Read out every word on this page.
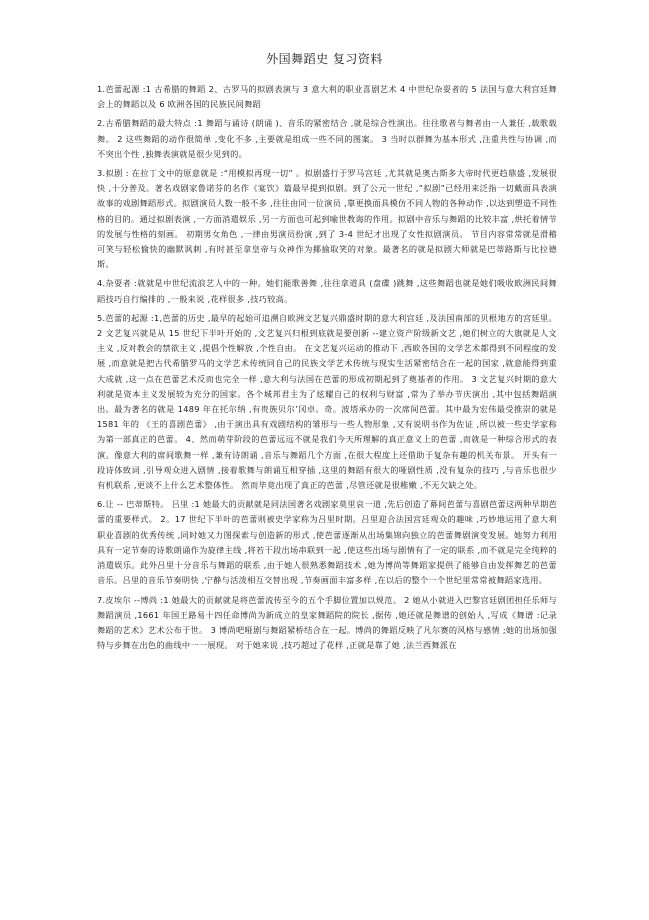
外国舞蹈史 复习资料

1.芭蕾起源 :1 古希腊的舞蹈 2、古罗马的拟剧表演与 3 意大利的职业喜剧艺术 4 中世纪杂耍者的 5 法国与意大利宫廷舞会上的舞蹈以及 6 欧洲各国的民族民间舞蹈

2.古希腊舞蹈的最大特点 :1 舞蹈与诵诗 (朗诵 )、音乐的紧密结合 ,就是综合性演出。往往歌者与舞者由一人兼任 ,载歌载舞。 2 这些舞蹈的动作很简单 ,变化不多 ,主要就是组成一些不同的图案。 3 当时以群舞为基本形式 ,注重共性与协调 ,而不突出个性 ,独舞表演就是很少见到的。

3.拟剧 : 在拉丁文中的原意就是 :“用模拟再现一切” 。拟剧盛行于罗马宫廷 ,尤其就是奥古斯多大帝时代更趋鼎盛 ,发展很快 ,十分普及。著名戏剧家鲁诺芬的名作《宴饮》篇最早提到拟剧。到了公元一世纪 ,“拟剧”已经用来泛指一切戴面具表演故事的戏剧舞蹈形式。拟剧演员人数一般不多 ,往往由同一位演员 ,靠更换面具模仿不同人物的各种动作 ,以达到塑造不同性格的目的。通过拟剧表演 ,一方面消遣娱乐 ,另一方面也可起到喻世教诲的作用。拟剧中音乐与舞蹈的比较丰富 ,烘托着情节的发展与性格的刻画。 初期男女角色 ,一律由男演员扮演 ,到了 3-4 世纪才出现了女性拟剧演员。 节目内容常常就是滑稽可笑与轻松愉快的幽默讽刺 ,有时甚至拿皇帝与众神作为揶揄取笑的对象。最著名的就是拟剧大师就是巴蒂路斯与比拉德斯。

4.杂耍者 :就就是中世纪流浪艺人中的一种。她们能歌善舞 ,往往拿道具 (盘碟 )跳舞 ,这些舞蹈也就是她们吸收欧洲民间舞蹈技巧自行编排的 ,一般来说 ,花样很多 ,技巧较高。

5.芭蕾的起源 :1,芭蕾的历史 ,最早的起始可追溯自欧洲文艺复兴鼎盛时期的意大利宫廷 ,及法国南部的贝根地方的宫廷里。 2 文艺复兴就是从 15 世纪下半叶开始的 ,文艺复兴归根到底就是要创新 --建立资产阶级新文艺 ,她们树立的大旗就是人文主义 ,反对教会的禁欲主义 ,提倡个性解放 ,个性自由。 在文艺复兴运动的推动下 ,西欧各国的文学艺术都得到不同程度的发展 ,而意就是把古代希腊罗马的文学艺术传统同自己的民族文学艺术传统与现实生活紧密结合在一起的国家 ,就意能得到重大成就 ,这一点在芭蕾艺术反而也完全一样 ,意大利与法国在芭蕾的形成初期起到了奠基者的作用。 3 文艺复兴时期的意大利就是资本主义发展较为充分的国家。各个城邦君主为了炫耀自己的权利与财富 ,常为了举办节庆演出 ,其中包括舞蹈演出。最为著名的就是 1489 年在托尔纳 ,有贵族贝尔’冈卓。奇。波塔承办的一次席间芭蕾。其中最为宏伟最受推崇的就是 1581 年的 《王的喜剧芭蕾》 ,由于演出具有戏剧结构的雏形与一些人物形象 ,又有说明书作为佐证 ,所以被一些史学家称为第一部真正的芭蕾。 4、然而萌芽阶段的芭蕾远远不就是我们今天所理解的真正意义上的芭蕾 ,而就是一种综合形式的表演。像意大利的席间歌舞一样 ,兼有诗朗诵 ,音乐与舞蹈几个方面 ,在很大程度上还借助于复杂有趣的机关布景。 开头有一段诗体致词 ,引导观众进入剧情 ,接着歌舞与朗诵互相穿插 ,这里的舞蹈有很大的哑剧性质 ,没有复杂的技巧 ,与音乐也很少有机联系 ,更谈不上什么艺术整体性。 然而毕竟出现了真正的芭蕾 ,尽管还就是很稚嫩 ,不无欠缺之处。

6.让 -- 巴蒂斯特。 吕里 :1 她最大的贡献就是同法国著名戏剧家莫里哀一道 ,先后创造了幕间芭蕾与喜剧芭蕾这两种早期芭蕾的重要样式。 2。17 世纪下半叶的芭蕾则被史学家称为吕里时期。吕里迎合法国宫廷观众的趣味 ,巧妙地运用了意大利职业喜剧的优秀传统 ,同时她又力图探索与创造新的形式 ,使芭蕾逐渐从出场集锦向独立的芭蕾舞剧演变发展。她努力利用具有一定节奏的诗歌朗诵作为旋律主线 ,将若干段出场串联到一起 ,使这些出场与剧情有了一定的联系 ,而不就是完全纯粹的消遣娱乐。此外吕里十分音乐与舞蹈的联系 ,由于她人很熟悉舞蹈技术 ,她为博尚等舞蹈家提供了能够自由发挥舞艺的芭蕾音乐。吕里的音乐节奏明快 ,宁静与活泼相互交替出现 ,节奏画面丰富多样 ,在以后的整个一个世纪里常常被舞蹈家选用。

7.皮埃尔 --博尚 :1 她最大的贡献就是将芭蕾流传至今的五个手脚位置加以规范。 2 她从小就进入巴黎宫廷剧团担任乐师与舞蹈演员 ,1661 年国王路易十四任命博尚为新成立的皇家舞蹈院的院长 ,据传 ,她还就是舞谱的创始人 ,写成《舞谱 :记录舞蹈的艺术》艺术公布于世。 3 博尚吧哑剧与舞蹈紧桥结合在一起。博尚的舞蹈反映了凡尔赛的风格与感情 ;她的出场加强特与步舞在出色的曲线中一一展现。 对于她来说 ,技巧超过了花样 ,正就是靠了她 ,法兰西舞派在
